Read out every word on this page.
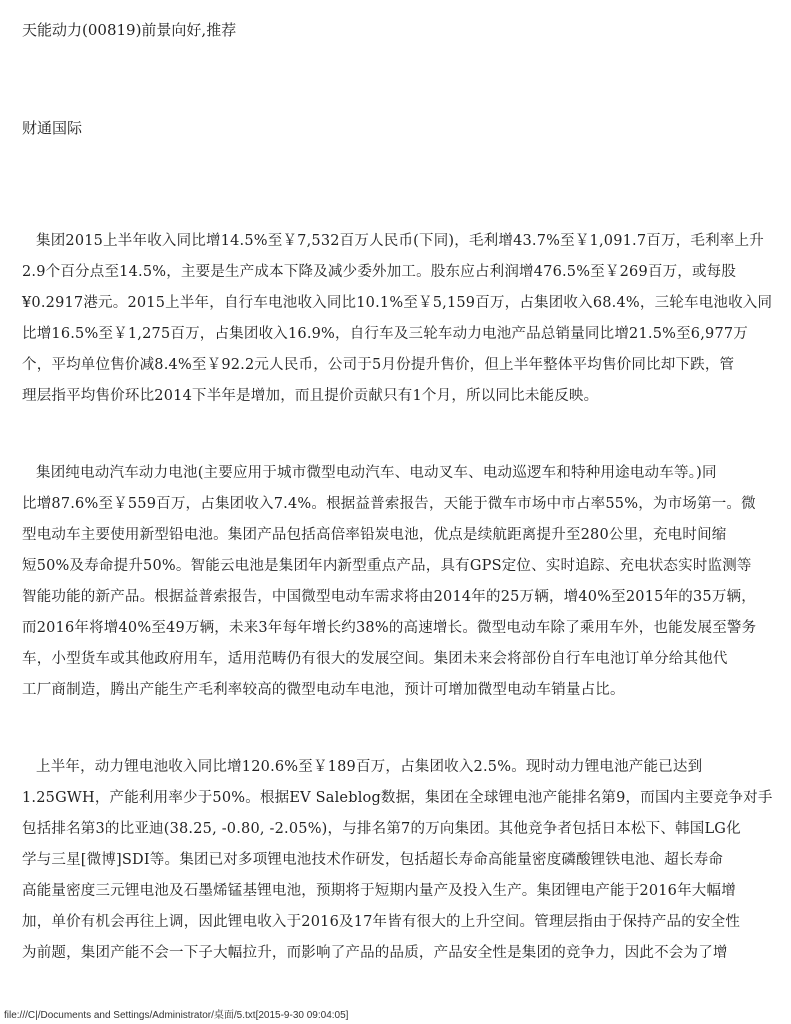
天能动力(00819)前景向好,推荐
财通国际
集团2015上半年收入同比增14.5%至￥7,532百万人民币(下同)，毛利增43.7%至￥1,091.7百万，毛利率上升
2.9个百分点至14.5%，主要是生产成本下降及减少委外加工。股东应占利润增476.5%至￥269百万，或每股
¥0.2917港元。2015上半年，自行车电池收入同比10.1%至￥5,159百万，占集团收入68.4%，三轮车电池收入同
比增16.5%至￥1,275百万，占集团收入16.9%，自行车及三轮车动力电池产品总销量同比增21.5%至6,977万
个，平均单位售价减8.4%至￥92.2元人民币，公司于5月份提升售价，但上半年整体平均售价同比却下跌，管
理层指平均售价环比2014下半年是增加，而且提价贡献只有1个月，所以同比未能反映。
集团纯电动汽车动力电池(主要应用于城市微型电动汽车、电动叉车、电动巡逻车和特种用途电动车等。)同
比增87.6%至￥559百万，占集团收入7.4%。根据益普索报告，天能于微车市场中市占率55%，为市场第一。微
型电动车主要使用新型铅电池。集团产品包括高倍率铅炭电池，优点是续航距离提升至280公里，充电时间缩
短50%及寿命提升50%。智能云电池是集团年内新型重点产品，具有GPS定位、实时追踪、充电状态实时监测等
智能功能的新产品。根据益普索报告，中国微型电动车需求将由2014年的25万辆，增40%至2015年的35万辆，
而2016年将增40%至49万辆，未来3年每年增长约38%的高速增长。微型电动车除了乘用车外，也能发展至警务
车，小型货车或其他政府用车，适用范畴仍有很大的发展空间。集团未来会将部份自行车电池订单分给其他代
工厂商制造，腾出产能生产毛利率较高的微型电动车电池，预计可增加微型电动车销量占比。
上半年，动力锂电池收入同比增120.6%至￥189百万，占集团收入2.5%。现时动力锂电池产能已达到
1.25GWH，产能利用率少于50%。根据EV Saleblog数据，集团在全球锂电池产能排名第9，而国内主要竞争对手
包括排名第3的比亚迪(38.25, -0.80, -2.05%)，与排名第7的万向集团。其他竞争者包括日本松下、韩国LG化
学与三星[微博]SDI等。集团已对多项锂电池技术作研发，包括超长寿命高能量密度磷酸锂铁电池、超长寿命
高能量密度三元锂电池及石墨烯锰基锂电池，预期将于短期内量产及投入生产。集团锂电产能于2016年大幅增
加，单价有机会再往上调，因此锂电收入于2016及17年皆有很大的上升空间。管理层指由于保持产品的安全性
为前题，集团产能不会一下子大幅拉升，而影响了产品的品质，产品安全性是集团的竞争力，因此不会为了增
file:///C|/Documents and Settings/Administrator/桌面/5.txt[2015-9-30 09:04:05]
